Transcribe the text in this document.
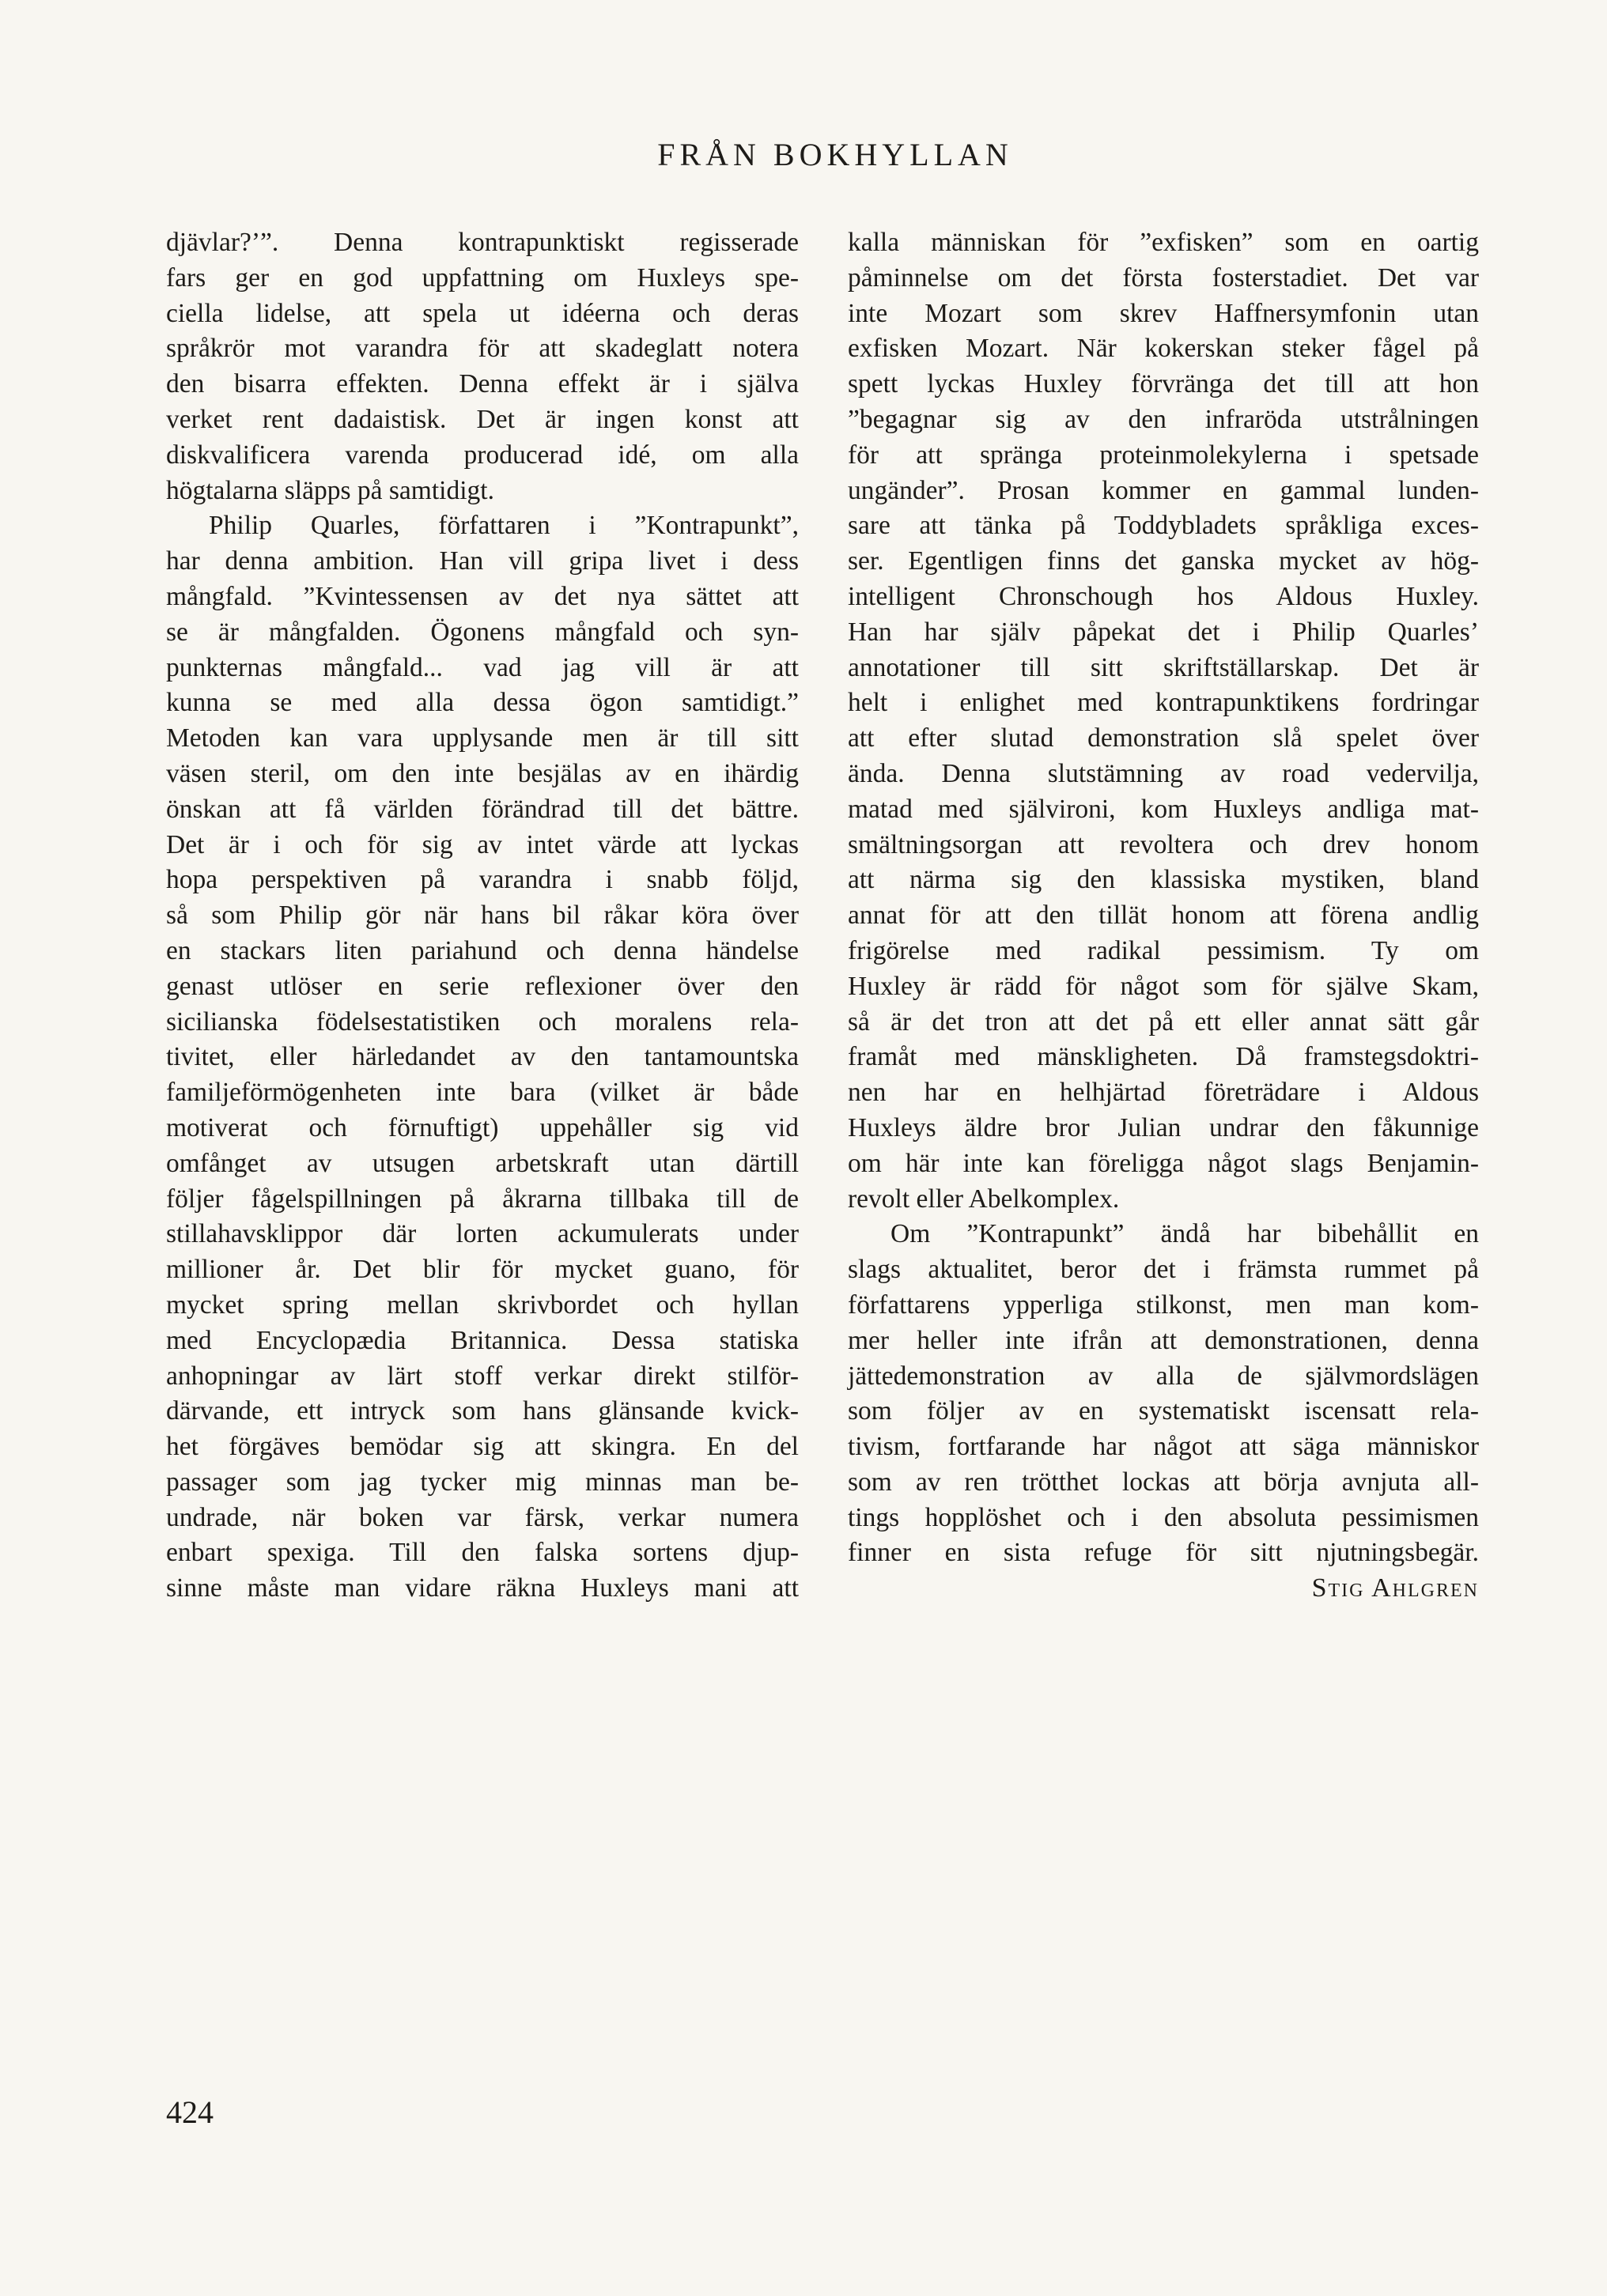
FRÅN BOKHYLLAN
djävlar?’”. Denna kontrapunktiskt regisserade
fars ger en god uppfattning om Huxleys spe-
ciella lidelse, att spela ut idéerna och deras
språkrör mot varandra för att skadeglatt notera
den bisarra effekten. Denna effekt är i själva
verket rent dadaistisk. Det är ingen konst att
diskvalificera varenda producerad idé, om alla
högtalarna släpps på samtidigt.
Philip Quarles, författaren i ”Kontrapunkt”,
har denna ambition. Han vill gripa livet i dess
mångfald. ”Kvintessensen av det nya sättet att
se är mångfalden. Ögonens mångfald och syn-
punkternas mångfald... vad jag vill är att
kunna se med alla dessa ögon samtidigt.”
Metoden kan vara upplysande men är till sitt
väsen steril, om den inte besjälas av en ihärdig
önskan att få världen förändrad till det bättre.
Det är i och för sig av intet värde att lyckas
hopa perspektiven på varandra i snabb följd,
så som Philip gör när hans bil råkar köra över
en stackars liten pariahund och denna händelse
genast utlöser en serie reflexioner över den
sicilianska födelsestatistiken och moralens rela-
tivitet, eller härledandet av den tantamountska
familjeförmögenheten inte bara (vilket är både
motiverat och förnuftigt) uppehåller sig vid
omfånget av utsugen arbetskraft utan därtill
följer fågelspillningen på åkrarna tillbaka till de
stillahavsklippor där lorten ackumulerats under
millioner år. Det blir för mycket guano, för
mycket spring mellan skrivbordet och hyllan
med Encyclopædia Britannica. Dessa statiska
anhopningar av lärt stoff verkar direkt stilför-
därvande, ett intryck som hans glänsande kvick-
het förgäves bemödar sig att skingra. En del
passager som jag tycker mig minnas man be-
undrade, när boken var färsk, verkar numera
enbart spexiga. Till den falska sortens djup-
sinne måste man vidare räkna Huxleys mani att
kalla människan för ”exfisken” som en oartig
påminnelse om det första fosterstadiet. Det var
inte Mozart som skrev Haffnersymfonin utan
exfisken Mozart. När kokerskan steker fågel på
spett lyckas Huxley förvränga det till att hon
”begagnar sig av den infraröda utstrålningen
för att spränga proteinmolekylerna i spetsade
ungänder”. Prosan kommer en gammal lunden-
sare att tänka på Toddybladets språkliga exces-
ser. Egentligen finns det ganska mycket av hög-
intelligent Chronschough hos Aldous Huxley.
Han har själv påpekat det i Philip Quarles’
annotationer till sitt skriftställarskap. Det är
helt i enlighet med kontrapunktikens fordringar
att efter slutad demonstration slå spelet över
ända. Denna slutstämning av road vedervilja,
matad med självironi, kom Huxleys andliga mat-
smältningsorgan att revoltera och drev honom
att närma sig den klassiska mystiken, bland
annat för att den tillät honom att förena andlig
frigörelse med radikal pessimism. Ty om
Huxley är rädd för något som för själve Skam,
så är det tron att det på ett eller annat sätt går
framåt med mänskligheten. Då framstegsdoktri-
nen har en helhjärtad företrädare i Aldous
Huxleys äldre bror Julian undrar den fåkunnige
om här inte kan föreligga något slags Benjamin-
revolt eller Abelkomplex.
Om ”Kontrapunkt” ändå har bibehållit en
slags aktualitet, beror det i främsta rummet på
författarens ypperliga stilkonst, men man kom-
mer heller inte ifrån att demonstrationen, denna
jättedemonstration av alla de självmordslägen
som följer av en systematiskt iscensatt rela-
tivism, fortfarande har något att säga människor
som av ren trötthet lockas att börja avnjuta all-
tings hopplöshet och i den absoluta pessimismen
finner en sista refuge för sitt njutningsbegär.
Stig Ahlgren
424
